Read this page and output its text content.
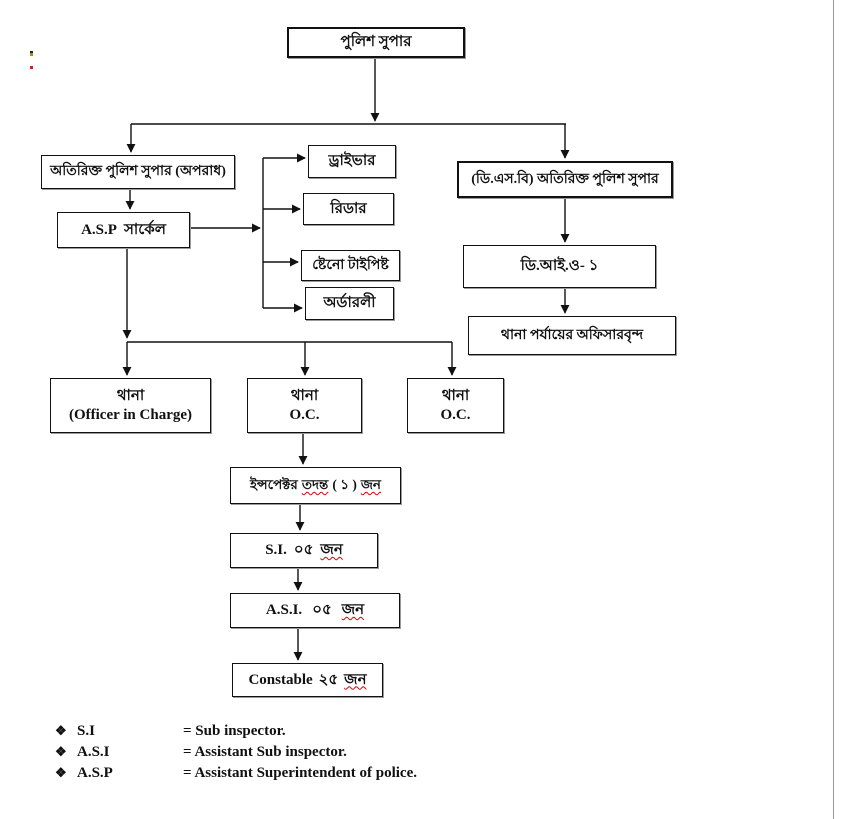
পুলিশ সুপার
অতিরিক্ত পুলিশ সুপার (অপরাধ)
A.S.P সার্কেল
ড্রাইভার
রিডার
ষ্টেনো টাইপিষ্ট
অর্ডারলী
(ডি.এস.বি) অতিরিক্ত পুলিশ সুপার
ডি.আই.ও- ১
থানা পর্যায়ের অফিসারবৃন্দ
থানা
(Officer in Charge)
থানা
O.C.
থানা
O.C.
ইন্সপেক্টর তদন্ত ( ১ ) জন
S.I. ০৫ জন
A.S.I. ০৫ জন
Constable ২৫ জন
❖ S.I	= Sub inspector.
❖ A.S.I	= Assistant Sub inspector.
❖ A.S.P	= Assistant Superintendent of police.
